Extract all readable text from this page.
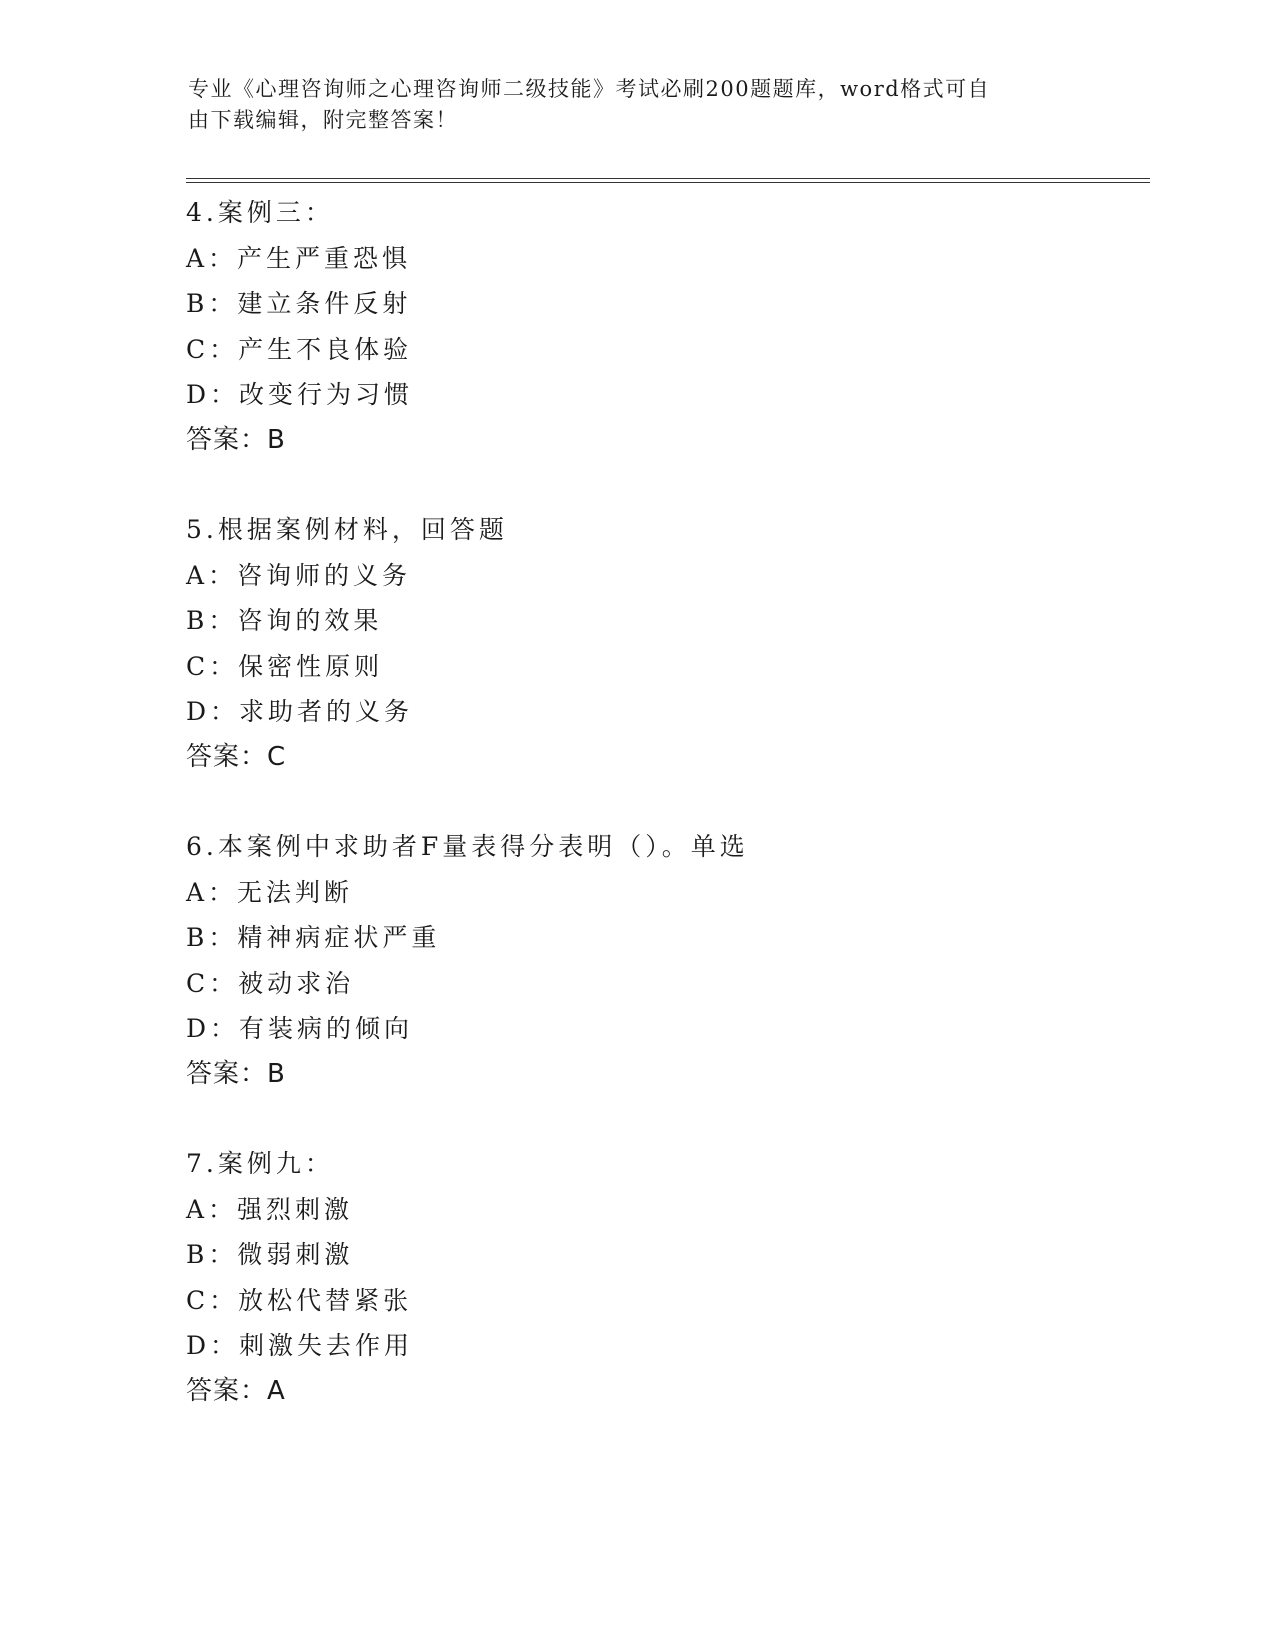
专业《心理咨询师之心理咨询师二级技能》考试必刷200题题库，word格式可自
由下载编辑，附完整答案！
4.案例三：
A：产生严重恐惧
B：建立条件反射
C：产生不良体验
D：改变行为习惯
答案：B
5.根据案例材料，回答题
A：咨询师的义务
B：咨询的效果
C：保密性原则
D：求助者的义务
答案：C
6.本案例中求助者F量表得分表明（）。单选
A：无法判断
B：精神病症状严重
C：被动求治
D：有装病的倾向
答案：B
7.案例九：
A：强烈刺激
B：微弱刺激
C：放松代替紧张
D：刺激失去作用
答案：A
